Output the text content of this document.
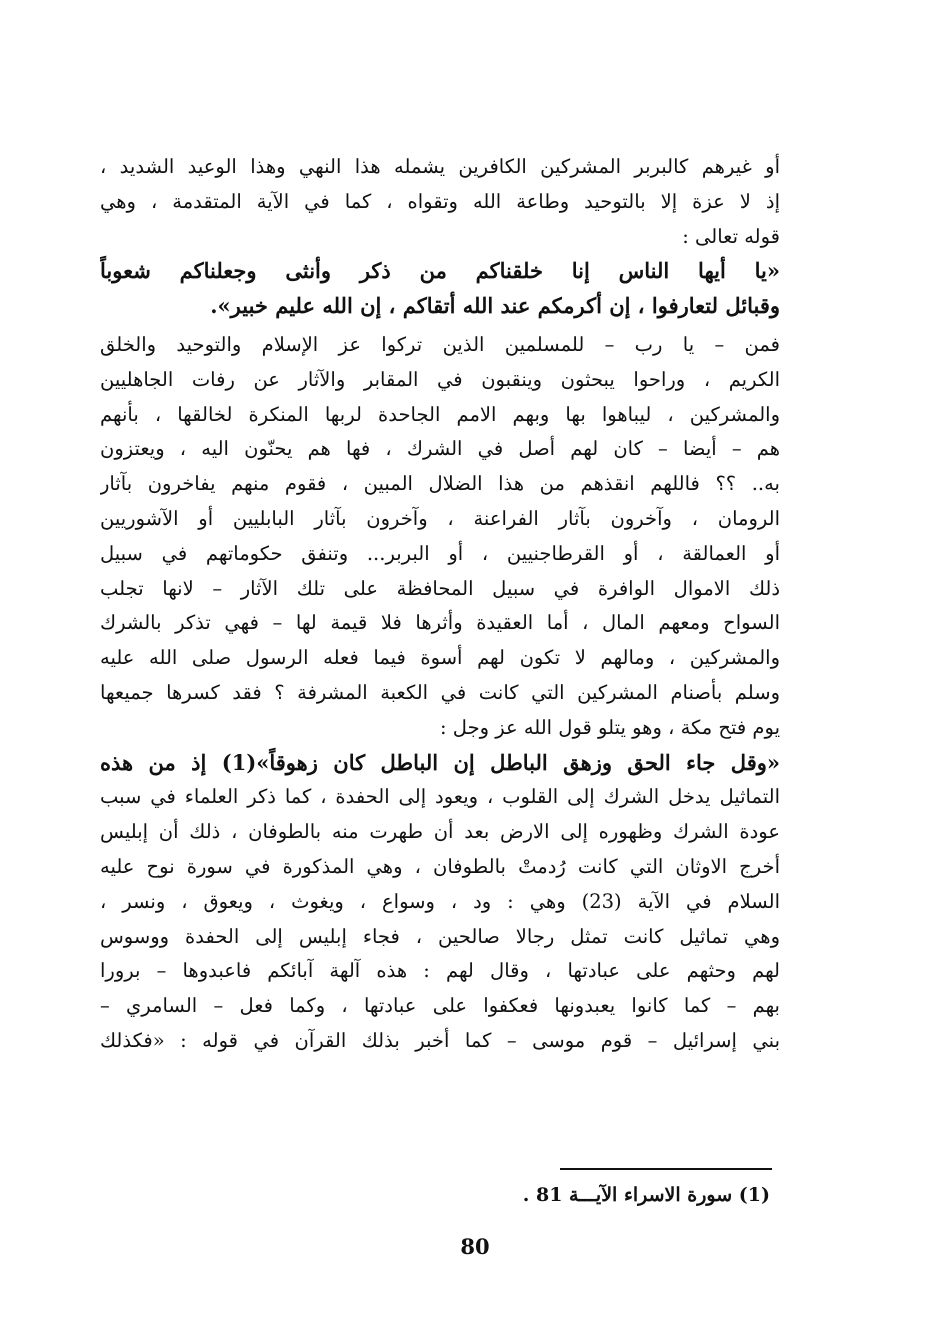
أو غيرهم كالبربر المشركين الكافرين يشمله هذا النهي وهذا الوعيد الشديد ،
إذ لا عزة إلا بالتوحيد وطاعة الله وتقواه ، كما في الآية المتقدمة ، وهي
قوله تعالى :
«يا أيها الناس إنا خلقناكم من ذكر وأنثى وجعلناكم شعوباً
وقبائل لتعارفوا ، إن أكرمكم عند الله أتقاكم ، إن الله عليم خبير».
فمن – يا رب – للمسلمين الذين تركوا عز الإسلام والتوحيد والخلق
الكريم ، وراحوا يبحثون وينقبون في المقابر والآثار عن رفات الجاهليين
والمشركين ، ليباهوا بها وبهم الامم الجاحدة لربها المنكرة لخالقها ، بأنهم
هم – أيضا – كان لهم أصل في الشرك ، فها هم يحنّون اليه ، ويعتزون
به.. ؟؟ فاللهم انقذهم من هذا الضلال المبين ، فقوم منهم يفاخرون بآثار
الرومان ، وآخرون بآثار الفراعنة ، وآخرون بآثار البابليين أو الآشوريين
أو العمالقة ، أو القرطاجنيين ، أو البربر... وتنفق حكوماتهم في سبيل
ذلك الاموال الوافرة في سبيل المحافظة على تلك الآثار – لانها تجلب
السواح ومعهم المال ، أما العقيدة وأثرها فلا قيمة لها – فهي تذكر بالشرك
والمشركين ، ومالهم لا تكون لهم أسوة فيما فعله الرسول صلى الله عليه
وسلم بأصنام المشركين التي كانت في الكعبة المشرفة ؟ فقد كسرها جميعها
يوم فتح مكة ، وهو يتلو قول الله عز وجل :
«وقل جاء الحق وزهق الباطل إن الباطل كان زهوقاً»(1) إذ من هذه
التماثيل يدخل الشرك إلى القلوب ، ويعود إلى الحفدة ، كما ذكر العلماء في سبب
عودة الشرك وظهوره إلى الارض بعد أن طهرت منه بالطوفان ، ذلك أن إبليس
أخرج الاوثان التي كانت رُدمتْ بالطوفان ، وهي المذكورة في سورة نوح عليه
السلام في الآية (23) وهي : ود ، وسواع ، ويغوث ، ويعوق ، ونسر ،
وهي تماثيل كانت تمثل رجالا صالحين ، فجاء إبليس إلى الحفدة ووسوس
لهم وحثهم على عبادتها ، وقال لهم : هذه آلهة آبائكم فاعبدوها – برورا
بهم – كما كانوا يعبدونها فعكفوا على عبادتها ، وكما فعل – السامري –
بني إسرائيل – قوم موسى – كما أخبر بذلك القرآن في قوله : «فكذلك
(1) سورة الاسراء الآيـــة 81 .
80
